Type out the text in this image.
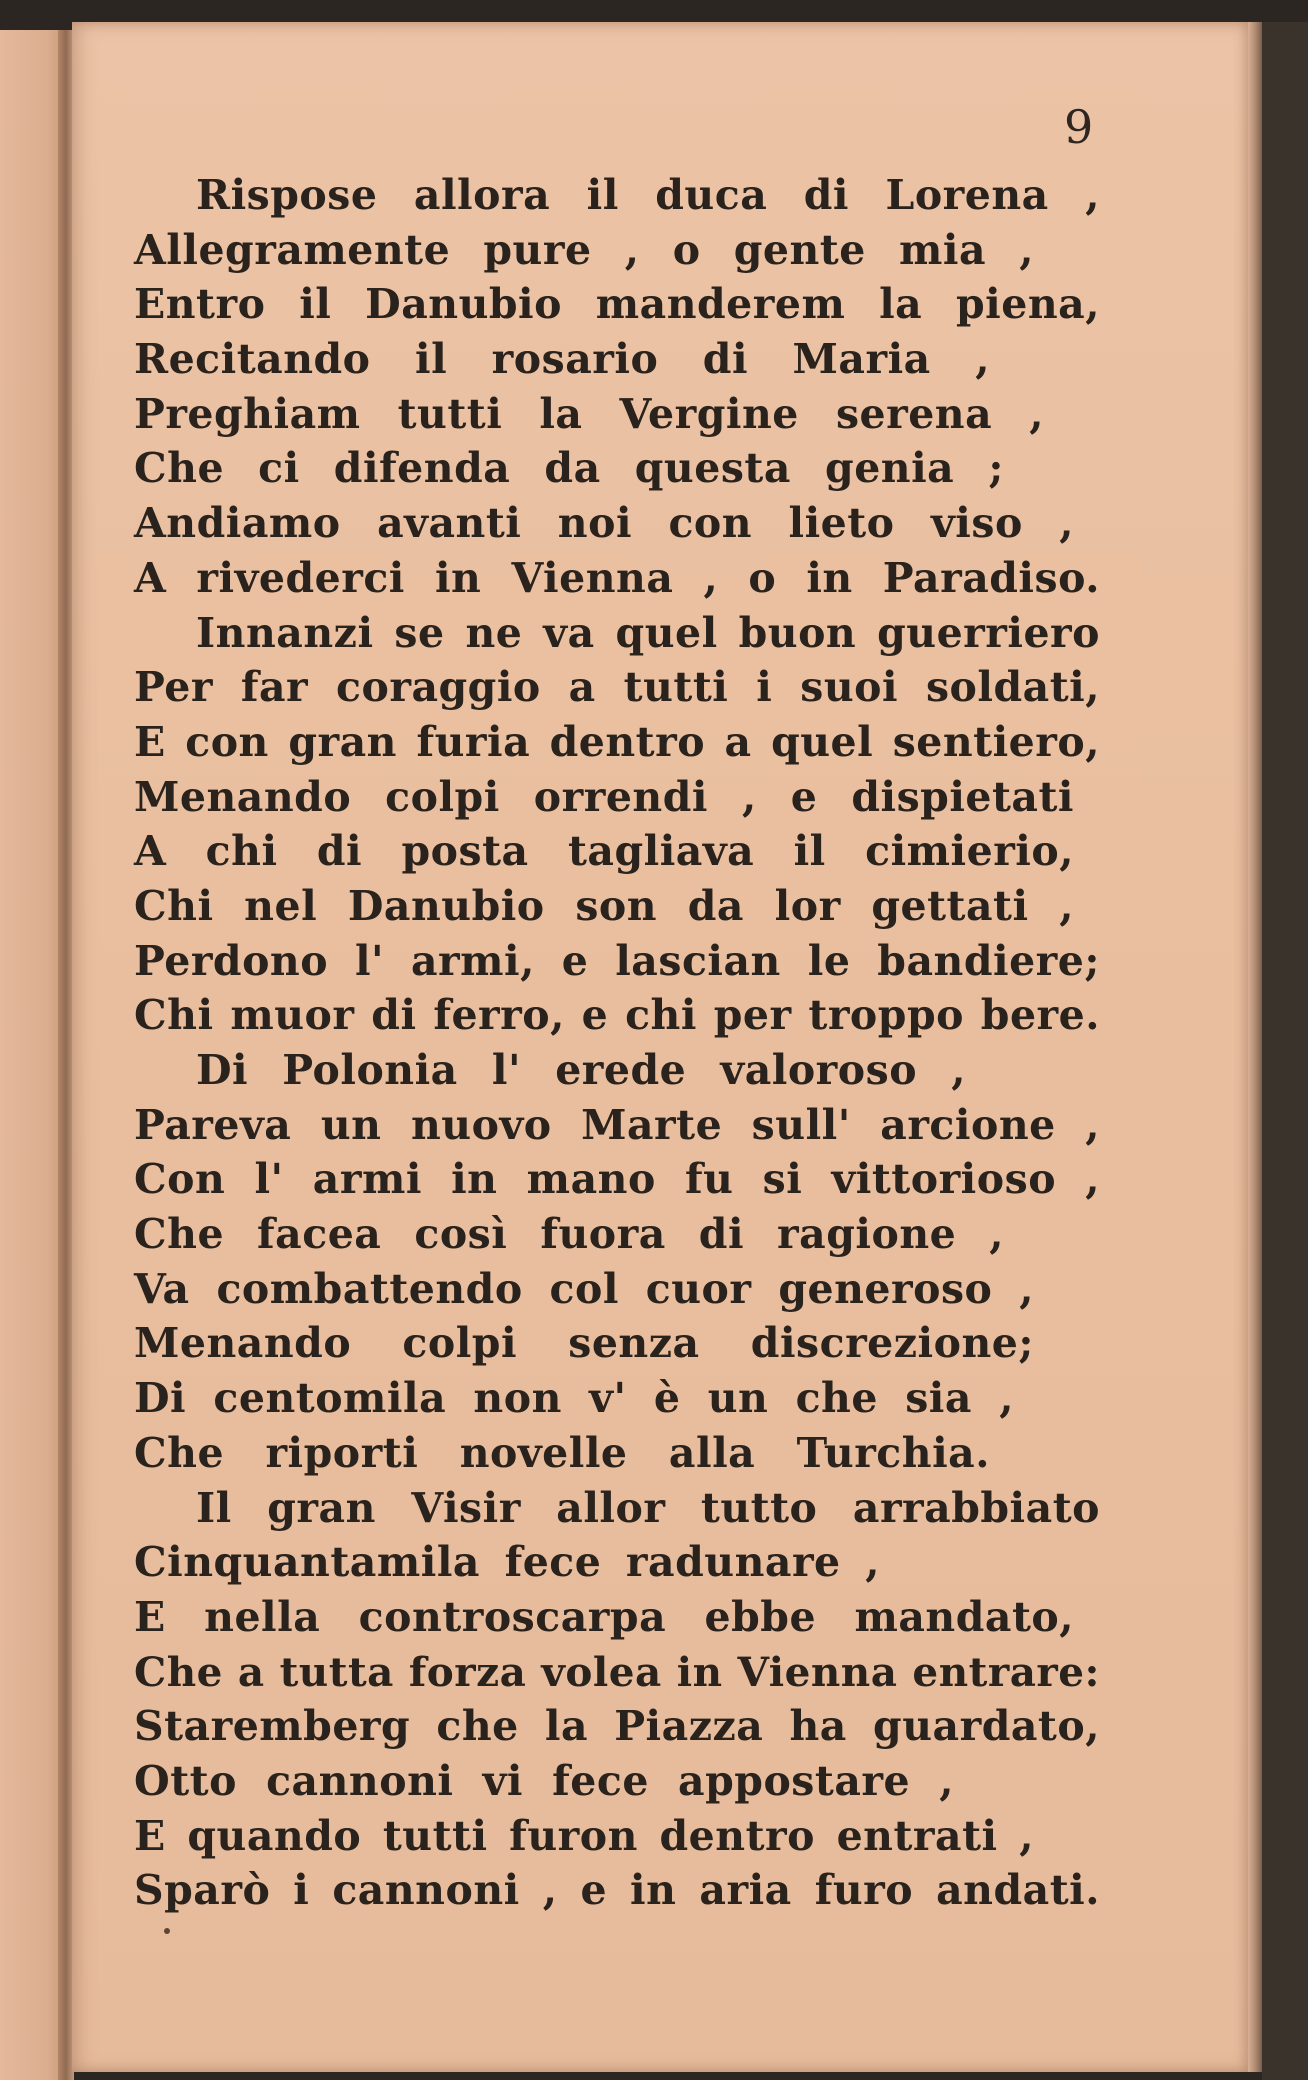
9
Rispose allora il duca di Lorena ,
Allegramente pure , o gente mia ,
Entro il Danubio manderem la piena,
Recitando il rosario di Maria ,
Preghiam tutti la Vergine serena ,
Che ci difenda da questa genia ;
Andiamo avanti noi con lieto viso ,
A rivederci in Vienna , o in Paradiso.
Innanzi se ne va quel buon guerriero
Per far coraggio a tutti i suoi soldati,
E con gran furia dentro a quel sentiero,
Menando colpi orrendi , e dispietati
A chi di posta tagliava il cimierio,
Chi nel Danubio son da lor gettati ,
Perdono l' armi, e lascian le bandiere;
Chi muor di ferro, e chi per troppo bere.
Di Polonia l' erede valoroso ,
Pareva un nuovo Marte sull' arcione ,
Con l' armi in mano fu si vittorioso ,
Che facea così fuora di ragione ,
Va combattendo col cuor generoso ,
Menando colpi senza discrezione;
Di centomila non v' è un che sia ,
Che riporti novelle alla Turchia.
Il gran Visir allor tutto arrabbiato
Cinquantamila fece radunare ,
E nella controscarpa ebbe mandato,
Che a tutta forza volea in Vienna entrare:
Staremberg che la Piazza ha guardato,
Otto cannoni vi fece appostare ,
E quando tutti furon dentro entrati ,
Sparò i cannoni , e in aria furo andati.
